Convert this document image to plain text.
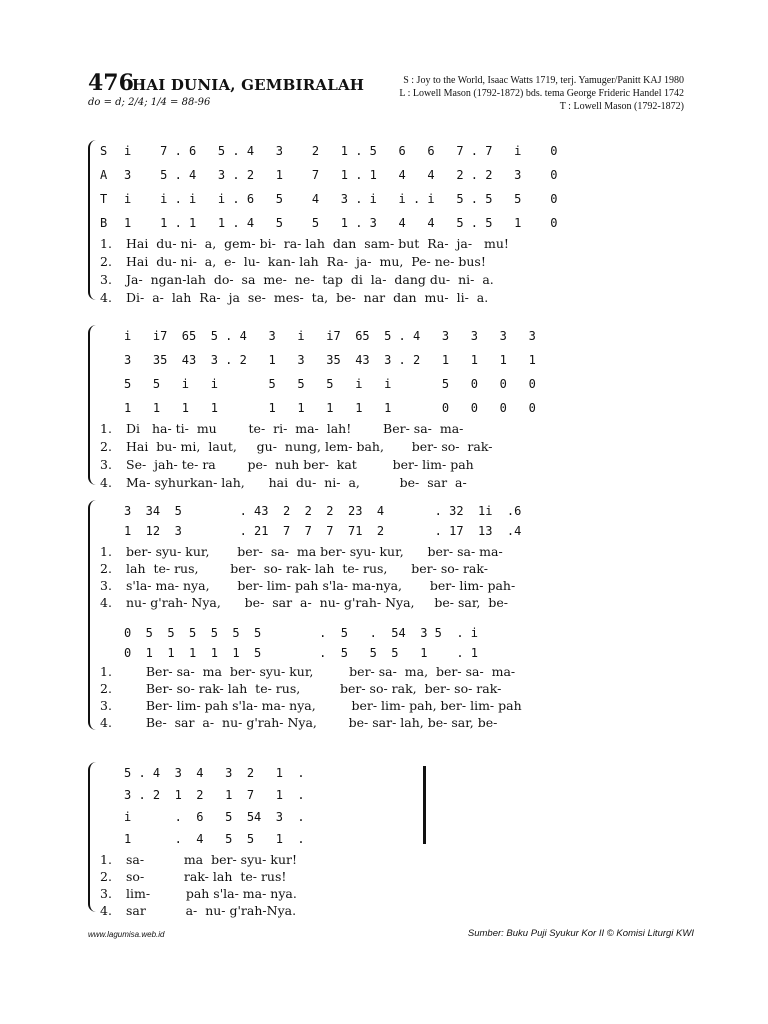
476
HAI DUNIA, GEMBIRALAH
do = d; 2/4; 1/4 = 88-96
S : Joy to the World, Isaac Watts 1719, terj. Yamuger/Panitt KAJ 1980
L : Lowell Mason (1792-1872) bds. tema George Frideric Handel 1742
T : Lowell Mason (1792-1872)
S	i    7 . 6   5 . 4   3    2   1 . 5   6   6   7 . 7   i    0
A	3    5 . 4   3 . 2   1    7   1 . 1   4   4   2 . 2   3    0
T	i    i . i   i . 6   5    4   3 . i   i . i   5 . 5   5    0
B	1    1 . 1   1 . 4   5    5   1 . 3   4   4   5 . 5   1    0
1. Hai  du- ni-  a,  gem- bi-  ra- lah  dan  sam- but  Ra-  ja-   mu!
2. Hai  du- ni-  a,  e-  lu-  kan- lah  Ra-  ja-  mu,  Pe- ne- bus!
3. Ja-  ngan-lah  do-  sa  me-  ne-  tap  di  la-  dang du-  ni-  a.
4. Di-  a-  lah  Ra-  ja  se-  mes-  ta,  be-  nar  dan  mu-  li-  a.
i   i7  65  5 . 4   3   i   i7  65  5 . 4   3   3   3   3
3   35  43  3 . 2   1   3   35  43  3 . 2   1   1   1   1
5   5   i   i       5   5   5   i   i       5   0   0   0
1   1   1   1       1   1   1   1   1       0   0   0   0
1. Di   ha- ti-  mu        te-  ri-  ma-  lah!        Ber- sa-  ma-
2. Hai  bu- mi,  laut,     gu-  nung, lem- bah,       ber- so-  rak-
3. Se-  jah- te- ra        pe-  nuh ber-  kat         ber- lim- pah
4. Ma- syhurkan- lah,      hai  du-  ni-  a,          be-  sar  a-
3  34  5        . 43  2  2  2  23  4       . 32  1i  .6
1  12  3        . 21  7  7  7  71  2       . 17  13  .4
1. ber- syu- kur,       ber-  sa-  ma ber- syu- kur,      ber- sa- ma-
2. lah  te- rus,        ber-  so- rak- lah  te- rus,      ber- so- rak-
3. s'la- ma- nya,       ber- lim- pah s'la- ma-nya,       ber- lim- pah-
4. nu- g'rah- Nya,      be-  sar  a-  nu- g'rah- Nya,     be- sar,  be-
0  5  5  5  5  5  5        .  5   .  54  3 5  . i
0  1  1  1  1  1  5        .  5   5  5   1    . 1
1.     Ber- sa-  ma  ber- syu- kur,         ber- sa-  ma,  ber- sa-  ma-
2.     Ber- so- rak- lah  te- rus,          ber- so- rak,  ber- so- rak-
3.     Ber- lim- pah s'la- ma- nya,         ber- lim- pah, ber- lim- pah
4.     Be-  sar  a-  nu- g'rah- Nya,        be- sar- lah, be- sar, be-
5 . 4  3  4   3  2   1  .
3 . 2  1  2   1  7   1  .
i      .  6   5  54  3  .
1      .  4   5  5   1  .
1. sa-          ma  ber- syu- kur!
2. so-          rak- lah  te- rus!
3. lim-         pah s'la- ma- nya.
4. sar          a-  nu- g'rah-Nya.
www.lagumisa.web.id	Sumber: Buku Puji Syukur Kor II © Komisi Liturgi KWI
